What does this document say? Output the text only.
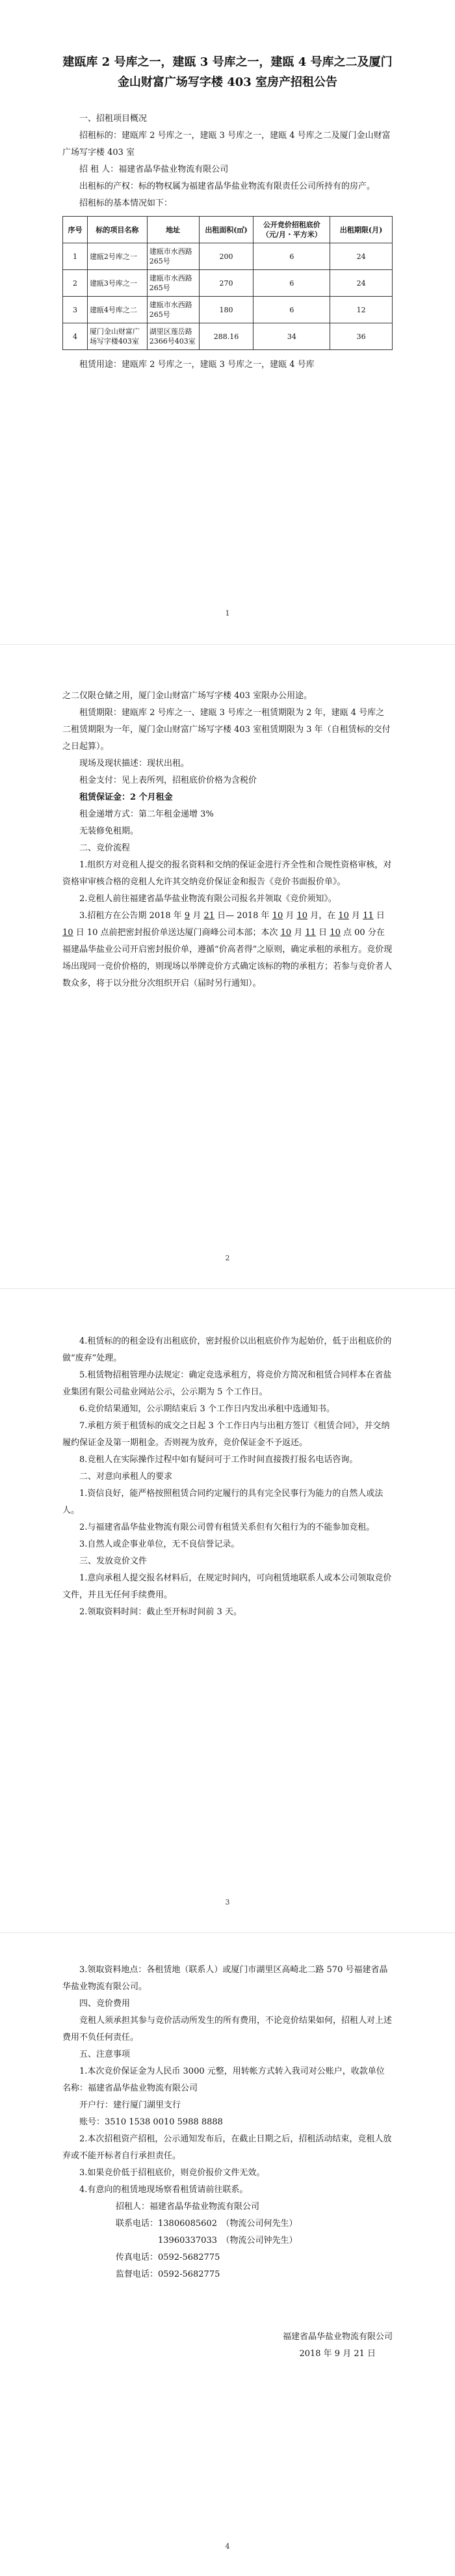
建瓯库 2 号库之一，建瓯 3 号库之一，建瓯 4 号库之二及厦门金山财富广场写字楼 403 室房产招租公告

一、招租项目概况

招租标的：建瓯库 2 号库之一，建瓯 3 号库之一，建瓯 4 号库之二及厦门金山财富广场写字楼 403 室

招 租 人：福建省晶华盐业物流有限公司

出租标的产权：标的物权属为福建省晶华盐业物流有限责任公司所持有的房产。

招租标的基本情况如下：

序号	标的项目名称	地址	出租面积(㎡)	公开竞价招租底价（元/月・平方米）	出租期限(月)
1	建瓯2号库之一	建瓯市水西路265号	200	6	24
2	建瓯3号库之一	建瓯市水西路265号	270	6	24
3	建瓯4号库之二	建瓯市水西路265号	180	6	12
4	厦门金山财富广场写字楼403室	湖里区莲岳路2366号403室	288.16	34	36

租赁用途：建瓯库 2 号库之一，建瓯 3 号库之一，建瓯 4 号库

1

之二仅限仓储之用，厦门金山财富广场写字楼 403 室限办公用途。

租赁期限：建瓯库 2 号库之一、建瓯 3 号库之一租赁期限为 2 年，建瓯 4 号库之二租赁期限为一年，厦门金山财富广场写字楼 403 室租赁期限为 3 年（自租赁标的交付之日起算）。

现场及现状描述：现状出租。

租金支付：见上表所列，招租底价价格为含税价

租赁保证金：2 个月租金

租金递增方式：第二年租金递增 3%

无装修免租期。

二、竞价流程

1.组织方对竞租人提交的报名资料和交纳的保证金进行齐全性和合规性资格审核，对资格审审核合格的竞租人允许其交纳竞价保证金和报告《竞价书面报价单》。

2.竞租人前往福建省晶华盐业物流有限公司报名并领取《竞价须知》。

3.招租方在公告期 2018 年 9 月 21 日— 2018 年 10 月 10 月，在 10 月 11 日 10 日 10 点前把密封报价单送达厦门商峰公司本部；本次 10 月 11 日 10 点 00 分在福建晶华盐业公司开启密封报价单，遵循“价高者得”之原则，确定承租的承租方。竞价现场出现同一竞价价格的，则现场以举牌竞价方式确定该标的物的承租方；若参与竞价者人数众多，将于以分批分次组织开启（届时另行通知）。

2

4.租赁标的的租金设有出租底价，密封报价以出租底价作为起始价，低于出租底价的做“废弃”处理。

5.租赁物招租管理办法规定：确定竞选承租方，将竞价方简况和租赁合同样本在省盐业集团有限公司盐业网站公示，公示期为 5 个工作日。

6.竞价结果通知，公示期结束后 3 个工作日内发出承租中选通知书。

7.承租方须于租赁标的成交之日起 3 个工作日内与出租方签订《租赁合同》，并交纳履约保证金及第一期租金。否则视为放弃，竞价保证金不予返还。

8.竞租人在实际操作过程中如有疑问可于工作时间直接拨打报名电话咨询。

二、对意向承租人的要求

1.资信良好，能严格按照租赁合同约定履行的具有完全民事行为能力的自然人或法人。

2.与福建省晶华盐业物流有限公司曾有租赁关系但有欠租行为的不能参加竞租。

3.自然人或企事业单位，无不良信誉记录。

三、发放竞价文件

1.意向承租人提交报名材料后，在规定时间内，可向租赁地联系人或本公司领取竞价文件，并且无任何手续费用。

2.领取资料时间：截止至开标时间前 3 天。

3

3.领取资料地点：各租赁地（联系人）或厦门市湖里区高崎北二路 570 号福建省晶华盐业物流有限公司。

四、竞价费用

竞租人须承担其参与竞价活动所发生的所有费用，不论竞价结果如何，招租人对上述费用不负任何责任。

五、注意事项

1.本次竞价保证金为人民币 3000 元整，用转帐方式转入我司对公账户，收款单位名称：福建省晶华盐业物流有限公司

开户行：建行厦门湖里支行

账号：3510 1538 0010 5988 8888

2.本次招租资产招租，公示通知发布后，在截止日期之后，招租活动结束，竞租人放弃或不能开标者自行承担责任。

3.如果竞价低于招租底价，则竞价报价文件无效。

4.有意向的租赁地现场察看租赁请前往联系。

招租人：福建省晶华盐业物流有限公司
联系电话：13806085602　（物流公司何先生）
13960337033　（物流公司钟先生）
传真电话：0592-5682775
监督电话：0592-5682775
福建省晶华盐业物流有限公司
2018 年 9 月 21 日
4
